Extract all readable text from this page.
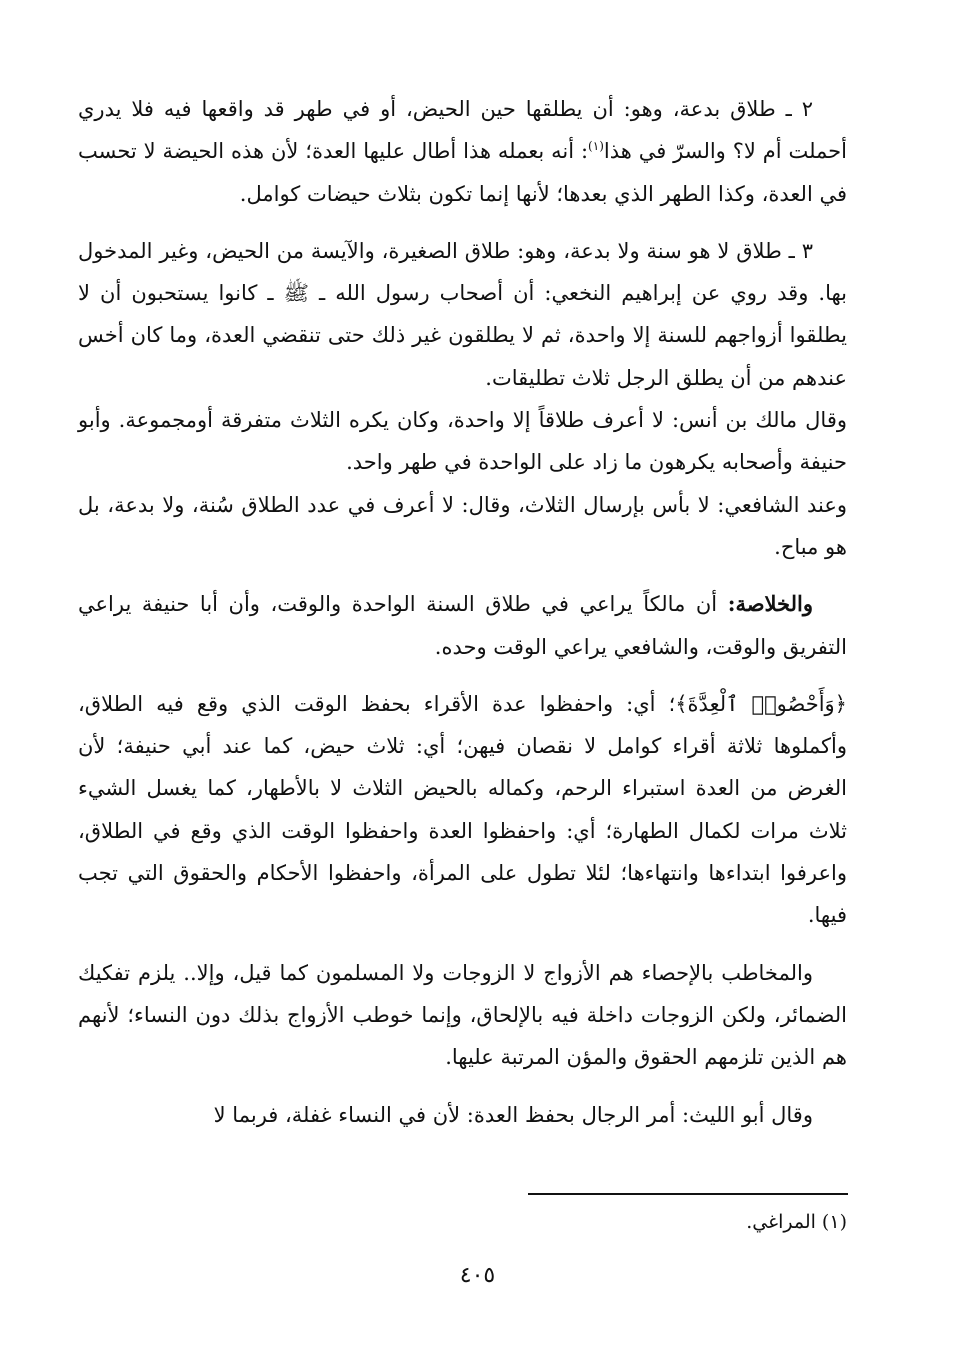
٢ ـ طلاق بدعة، وهو: أن يطلقها حين الحيض، أو في طهر قد واقعها فيه فلا يدري أحملت أم لا؟ والسرّ في هذا$^{(١)}$: أنه بعمله هذا أطال عليها العدة؛ لأن هذه الحيضة لا تحسب في العدة، وكذا الطهر الذي بعدها؛ لأنها إنما تكون بثلاث حيضات كوامل.

٣ ـ طلاق لا هو سنة ولا بدعة، وهو: طلاق الصغيرة، والآيسة من الحيض، وغير المدخول بها. وقد روي عن إبراهيم النخعي: أن أصحاب رسول الله ـ ﷺ ـ كانوا يستحبون أن لا يطلقوا أزواجهم للسنة إلا واحدة، ثم لا يطلقون غير ذلك حتى تنقضي العدة، وما كان أخس عندهم من أن يطلق الرجل ثلاث تطليقات.

وقال مالك بن أنس: لا أعرف طلاقاً إلا واحدة، وكان يكره الثلاث متفرقة أومجموعة. وأبو حنيفة وأصحابه يكرهون ما زاد على الواحدة في طهر واحد.

وعند الشافعي: لا بأس بإرسال الثلاث، وقال: لا أعرف في عدد الطلاق سُنة، ولا بدعة، بل هو مباح.

والخلاصة: أن مالكاً يراعي في طلاق السنة الواحدة والوقت، وأن أبا حنيفة يراعي التفريق والوقت، والشافعي يراعي الوقت وحده.

﴿وَأَحْصُوا۟ ٱلْعِدَّةَ﴾؛ أي: واحفظوا عدة الأقراء بحفظ الوقت الذي وقع فيه الطلاق، وأكملوها ثلاثة أقراء كوامل لا نقصان فيهن؛ أي: ثلاث حيض، كما عند أبي حنيفة؛ لأن الغرض من العدة استبراء الرحم، وكماله بالحيض الثلاث لا بالأطهار، كما يغسل الشيء ثلاث مرات لكمال الطهارة؛ أي: واحفظوا العدة واحفظوا الوقت الذي وقع في الطلاق، واعرفوا ابتداءها وانتهاءها؛ لئلا تطول على المرأة، واحفظوا الأحكام والحقوق التي تجب فيها.

والمخاطب بالإحصاء هم الأزواج لا الزوجات ولا المسلمون كما قيل، وإلا.. يلزم تفكيك الضمائر، ولكن الزوجات داخلة فيه بالإلحاق، وإنما خوطب الأزواج بذلك دون النساء؛ لأنهم هم الذين تلزمهم الحقوق والمؤن المرتبة عليها.

وقال أبو الليث: أمر الرجال بحفظ العدة: لأن في النساء غفلة، فربما لا

(١) المراغي.
٤٠٥
